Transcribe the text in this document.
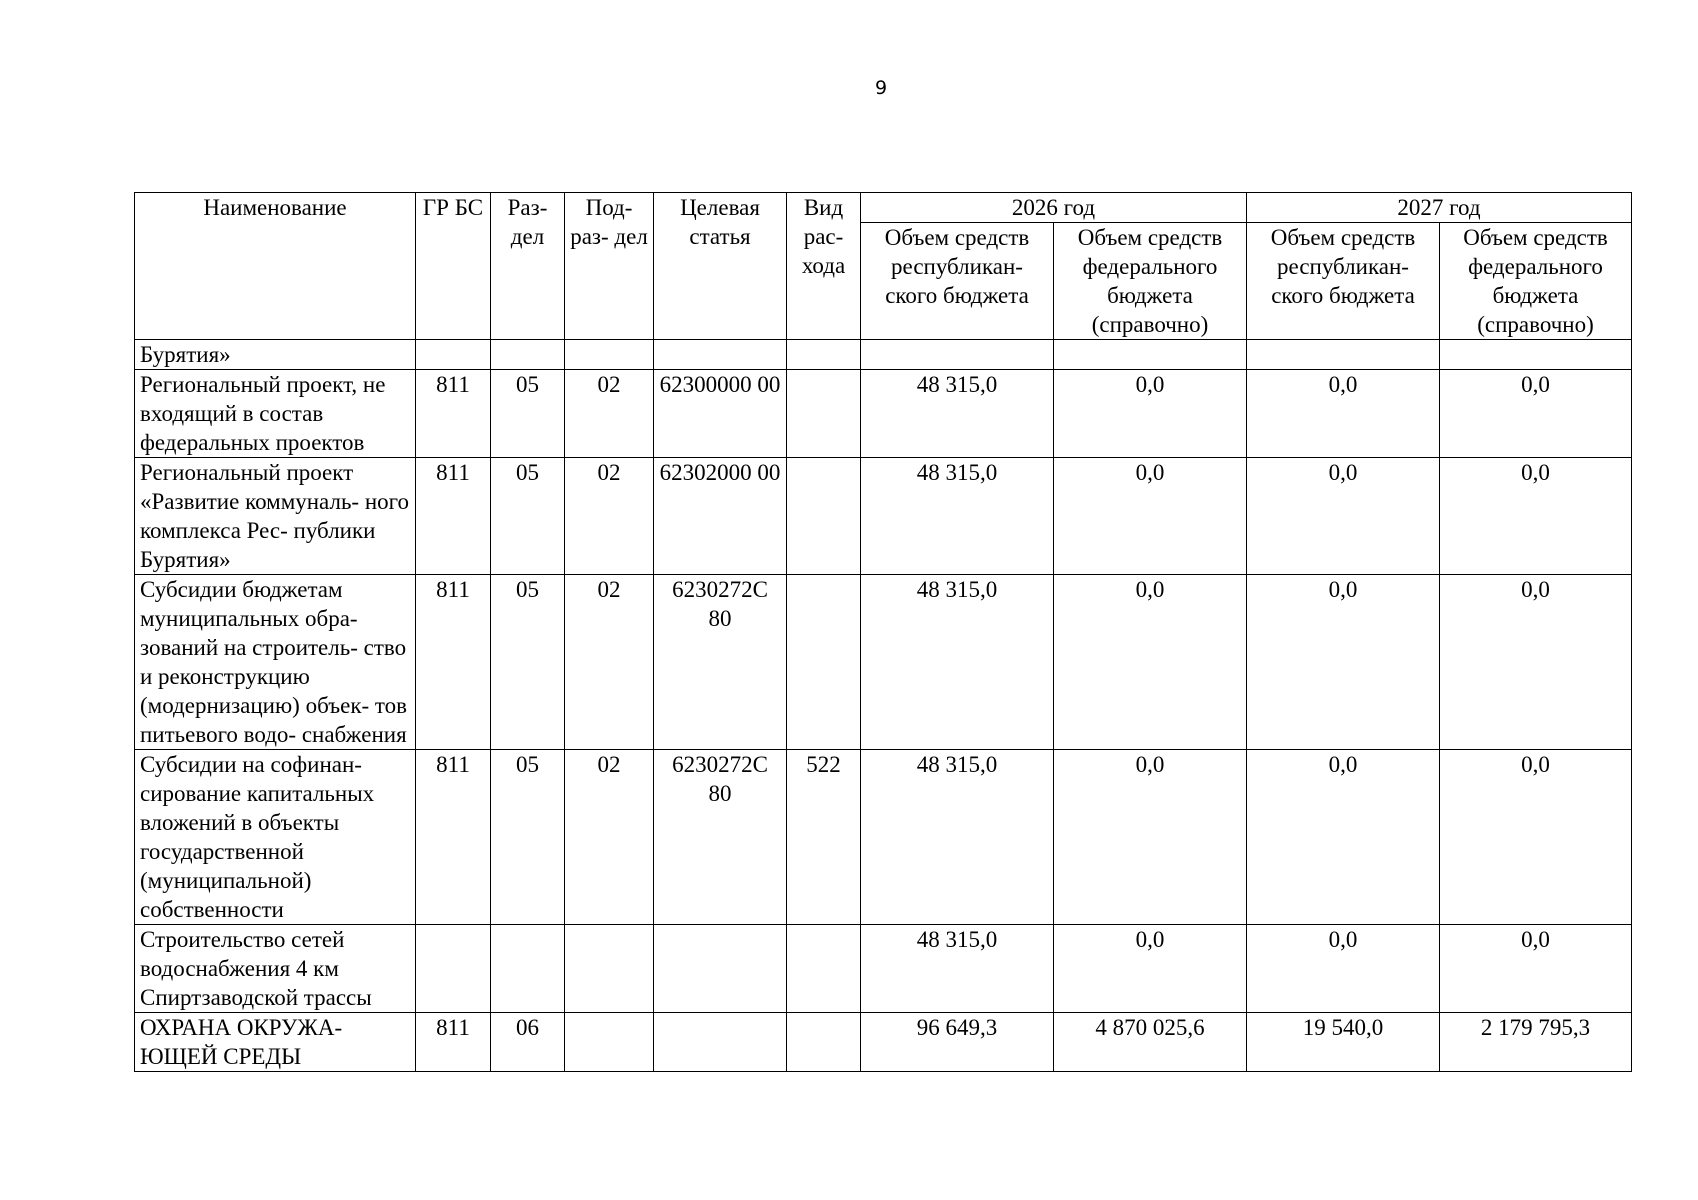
9
Наименование	ГР БС	Раз- дел	Под- раз- дел	Целевая статья	Вид рас- хода	2026 год		2027 год	
						Объем средств республикан- ского бюджета	Объем средств федерального бюджета (справочно)	Объем средств республикан- ского бюджета	Объем средств федерального бюджета (справочно)
Бурятия»									
Региональный проект, не входящий в состав федеральных проектов	811	05	02	62300000 00		48 315,0	0,0	0,0	0,0
Региональный проект «Развитие коммуналь- ного комплекса Рес- публики Бурятия»	811	05	02	62302000 00		48 315,0	0,0	0,0	0,0
Субсидии бюджетам муниципальных обра- зований на строитель- ство и реконструкцию (модернизацию) объек- тов питьевого водо- снабжения	811	05	02	6230272С 80		48 315,0	0,0	0,0	0,0
Субсидии на софинан- сирование капитальных вложений в объекты государственной (муниципальной) собственности	811	05	02	6230272С 80	522	48 315,0	0,0	0,0	0,0
Строительство сетей водоснабжения 4 км Спиртзаводской трассы						48 315,0	0,0	0,0	0,0
ОХРАНА ОКРУЖА- ЮЩЕЙ СРЕДЫ	811	06				96 649,3	4 870 025,6	19 540,0	2 179 795,3
